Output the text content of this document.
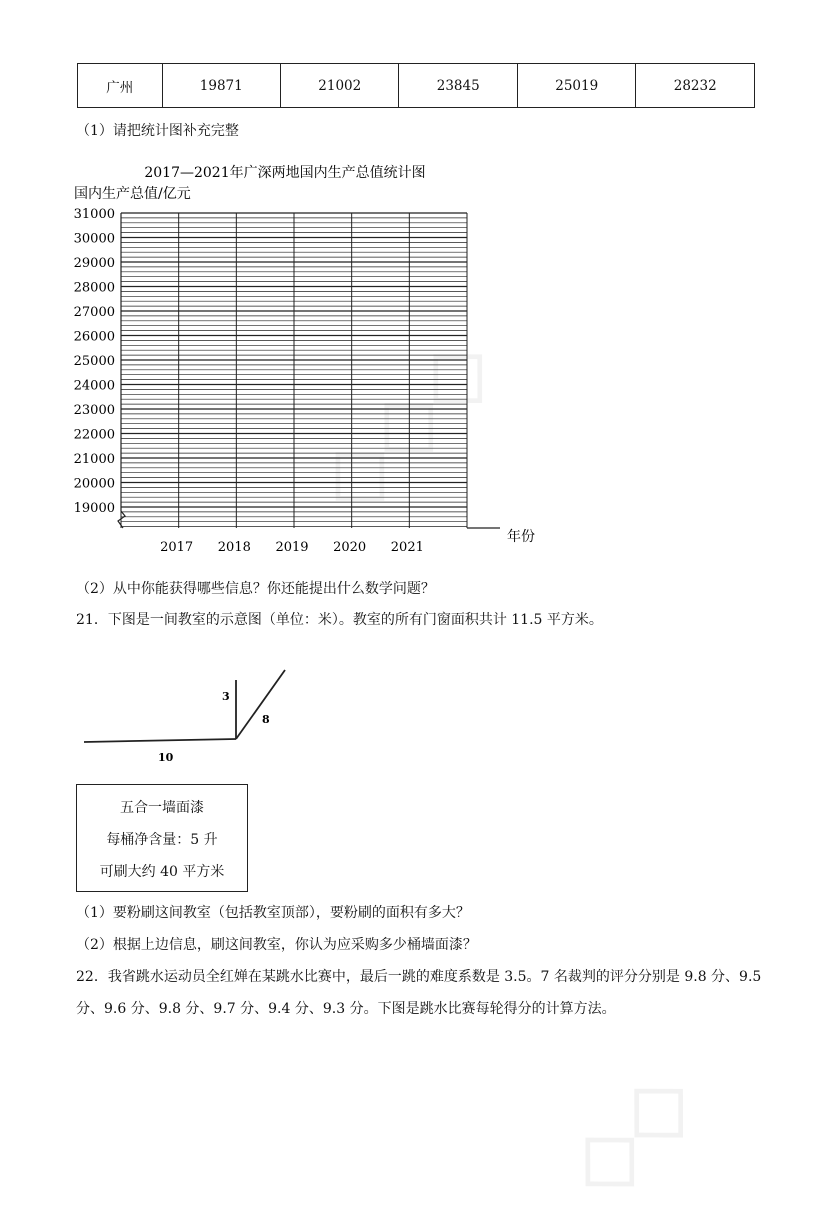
◇◇◇
◇◇
广州	19871	21002	23845	25019	28232
（1）请把统计图补充完整
2017—2021年广深两地国内生产总值统计图
国内生产总值/亿元
31000
30000
29000
28000
27000
26000
25000
24000
23000
22000
21000
20000
19000
2017 2018 2019 2020 2021
年份
（2）从中你能获得哪些信息？你还能提出什么数学问题？
21．下图是一间教室的示意图（单位：米）。教室的所有门窗面积共计 11.5 平方米。
3
8
10
五合一墙面漆
每桶净含量：5 升
可刷大约 40 平方米
（1）要粉刷这间教室（包括教室顶部），要粉刷的面积有多大？
（2）根据上边信息，刷这间教室，你认为应采购多少桶墙面漆？
22．我省跳水运动员全红婵在某跳水比赛中，最后一跳的难度系数是 3.5。7 名裁判的评分分别是 9.8 分、9.5
分、9.6 分、9.8 分、9.7 分、9.4 分、9.3 分。下图是跳水比赛每轮得分的计算方法。
